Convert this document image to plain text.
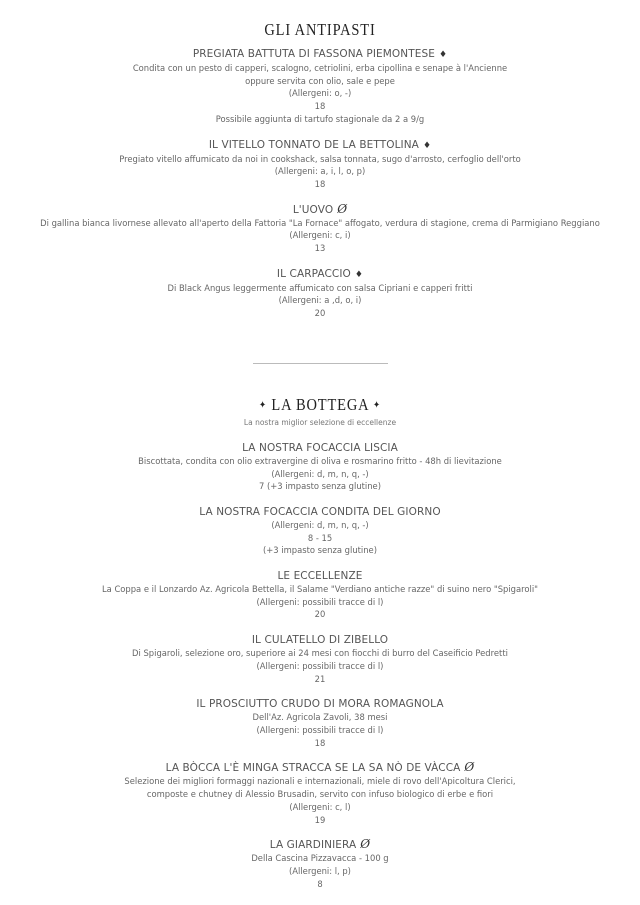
GLI ANTIPASTI
PREGIATA BATTUTA DI FASSONA PIEMONTESE ♦
Condita con un pesto di capperi, scalogno, cetriolini, erba cipollina e senape à l'Ancienne
oppure servita con olio, sale e pepe
(Allergeni: o, -)
18
Possibile aggiunta di tartufo stagionale da 2 a 9/g
IL VITELLO TONNATO DE LA BETTOLINA ♦
Pregiato vitello affumicato da noi in cookshack, salsa tonnata, sugo d'arrosto, cerfoglio dell'orto
(Allergeni: a, i, l, o, p)
18
L'UOVO Ø
Di gallina bianca livornese allevato all'aperto della Fattoria "La Fornace" affogato, verdura di stagione, crema di Parmigiano Reggiano
(Allergeni: c, i)
13
IL CARPACCIO ♦
Di Black Angus leggermente affumicato con salsa Cipriani e capperi fritti
(Allergeni: a ,d, o, i)
20
✦ LA BOTTEGA ✦
La nostra miglior selezione di eccellenze
LA NOSTRA FOCACCIA LISCIA
Biscottata, condita con olio extravergine di oliva e rosmarino fritto - 48h di lievitazione
(Allergeni: d, m, n, q, -)
7 (+3 impasto senza glutine)
LA NOSTRA FOCACCIA CONDITA DEL GIORNO
(Allergeni: d, m, n, q, -)
8 - 15
(+3 impasto senza glutine)
LE ECCELLENZE
La Coppa e il Lonzardo Az. Agricola Bettella, il Salame "Verdiano antiche razze" di suino nero "Spigaroli"
(Allergeni: possibili tracce di l)
20
IL CULATELLO DI ZIBELLO
Di Spigaroli, selezione oro, superiore ai 24 mesi con fiocchi di burro del Caseificio Pedretti
(Allergeni: possibili tracce di l)
21
IL PROSCIUTTO CRUDO DI MORA ROMAGNOLA
Dell'Az. Agricola Zavoli, 38 mesi
(Allergeni: possibili tracce di l)
18
LA BÒCCA L'È MINGA STRACCA SE LA SA NÒ DE VÀCCA Ø
Selezione dei migliori formaggi nazionali e internazionali, miele di rovo dell'Apicoltura Clerici,
composte e chutney di Alessio Brusadin, servito con infuso biologico di erbe e fiori
(Allergeni: c, l)
19
LA GIARDINIERA Ø
Della Cascina Pizzavacca - 100 g
(Allergeni: l, p)
8
